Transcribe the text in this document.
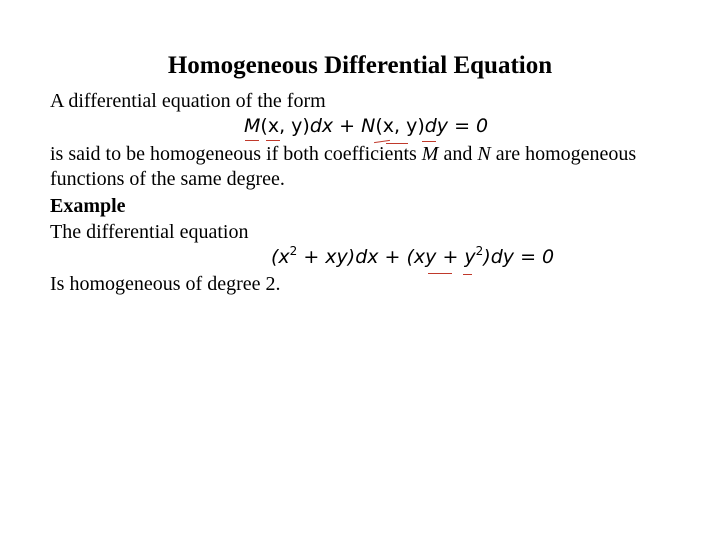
Homogeneous Differential Equation
A differential equation of the form
M(x, y)dx + N(x, y)dy = 0
is said to be homogeneous if both coefficients M and N are homogeneous
functions of the same degree.
Example
The differential equation
$(x^2 + xy)dx + (xy + y^2)dy = 0$
Is homogeneous of degree 2.
